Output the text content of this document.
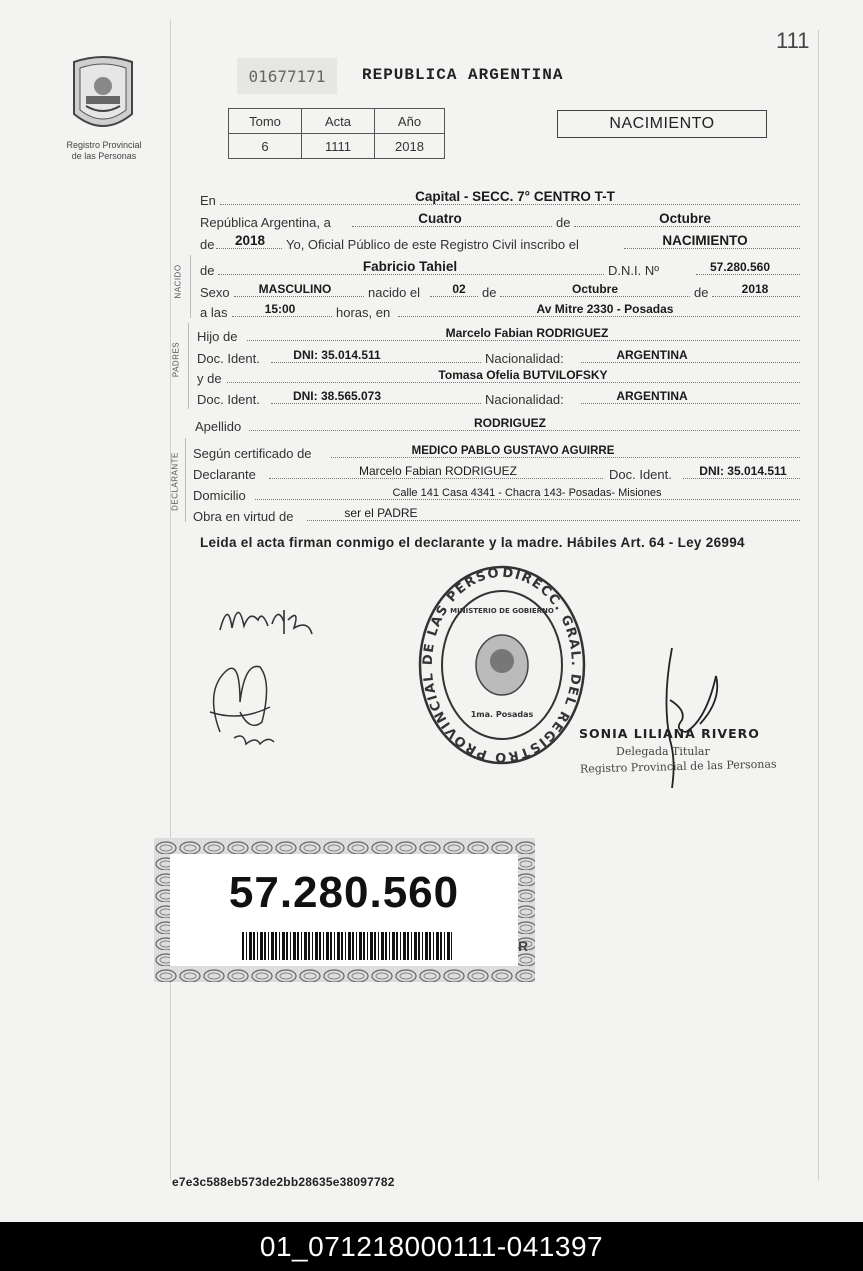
111
Registro Provincial
de las Personas
01677171	REPUBLICA ARGENTINA
Tomo	Acta	Año
6	1111	2018
NACIMIENTO
En	Capital - SECC. 7° CENTRO T-T
República Argentina, a	Cuatro	de	Octubre
de	2018	Yo, Oficial Público de este Registro Civil inscribo el	NACIMIENTO
NACIDO de	Fabricio Tahiel	D.N.I. Nº	57.280.560
Sexo	MASCULINO	nacido el	02	de	Octubre	de	2018
a las	15:00	horas, en	Av Mitre 2330 - Posadas
PADRES
Hijo de	Marcelo Fabian RODRIGUEZ
Doc. Ident.	DNI: 35.014.511	Nacionalidad:	ARGENTINA
y de	Tomasa Ofelia BUTVILOFSKY
Doc. Ident.	DNI: 38.565.073	Nacionalidad:	ARGENTINA
Apellido	RODRIGUEZ
DECLARANTE Según certificado de	MEDICO PABLO GUSTAVO AGUIRRE
Declarante	Marcelo Fabian RODRIGUEZ	Doc. Ident.	DNI: 35.014.511
Domicilio	Calle 141 Casa 4341 - Chacra 143- Posadas- Misiones
Obra en virtud de	ser el PADRE
Leida el acta firman conmigo el declarante y la madre. Hábiles Art. 64 - Ley 26994
DIRECC. GRAL. DEL REGISTRO PROVINCIAL DE LAS PERSONAS
MINISTERIO DE GOBIERNO
1ma. Posadas
SONIA LILIANA RIVERO
Delegada Titular
Registro Provincial de las Personas
57.280.560
R
e7e3c588eb573de2bb28635e38097782
01_071218000111-041397
